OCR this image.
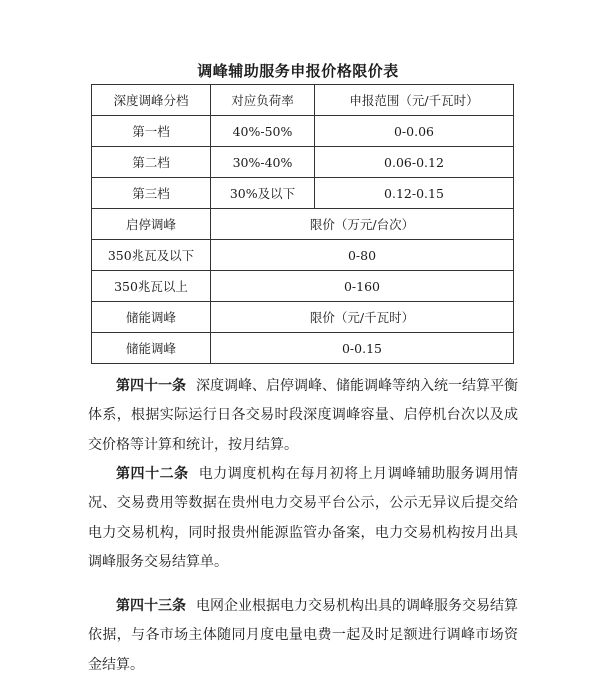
调峰辅助服务申报价格限价表
深度调峰分档	对应负荷率	申报范围（元/千瓦时）
第一档	40%-50%	0-0.06
第二档	30%-40%	0.06-0.12
第三档	30%及以下	0.12-0.15
启停调峰	限价（万元/台次）	
350兆瓦及以下	0-80	
350兆瓦以上	0-160	
储能调峰	限价（元/千瓦时）	
储能调峰	0-0.15	
第四十一条 深度调峰、启停调峰、储能调峰等纳入统一结算平衡体系，根据实际运行日各交易时段深度调峰容量、启停机台次以及成交价格等计算和统计，按月结算。
第四十二条 电力调度机构在每月初将上月调峰辅助服务调用情况、交易费用等数据在贵州电力交易平台公示，公示无异议后提交给电力交易机构，同时报贵州能源监管办备案，电力交易机构按月出具调峰服务交易结算单。
第四十三条 电网企业根据电力交易机构出具的调峰服务交易结算依据，与各市场主体随同月度电量电费一起及时足额进行调峰市场资金结算。
